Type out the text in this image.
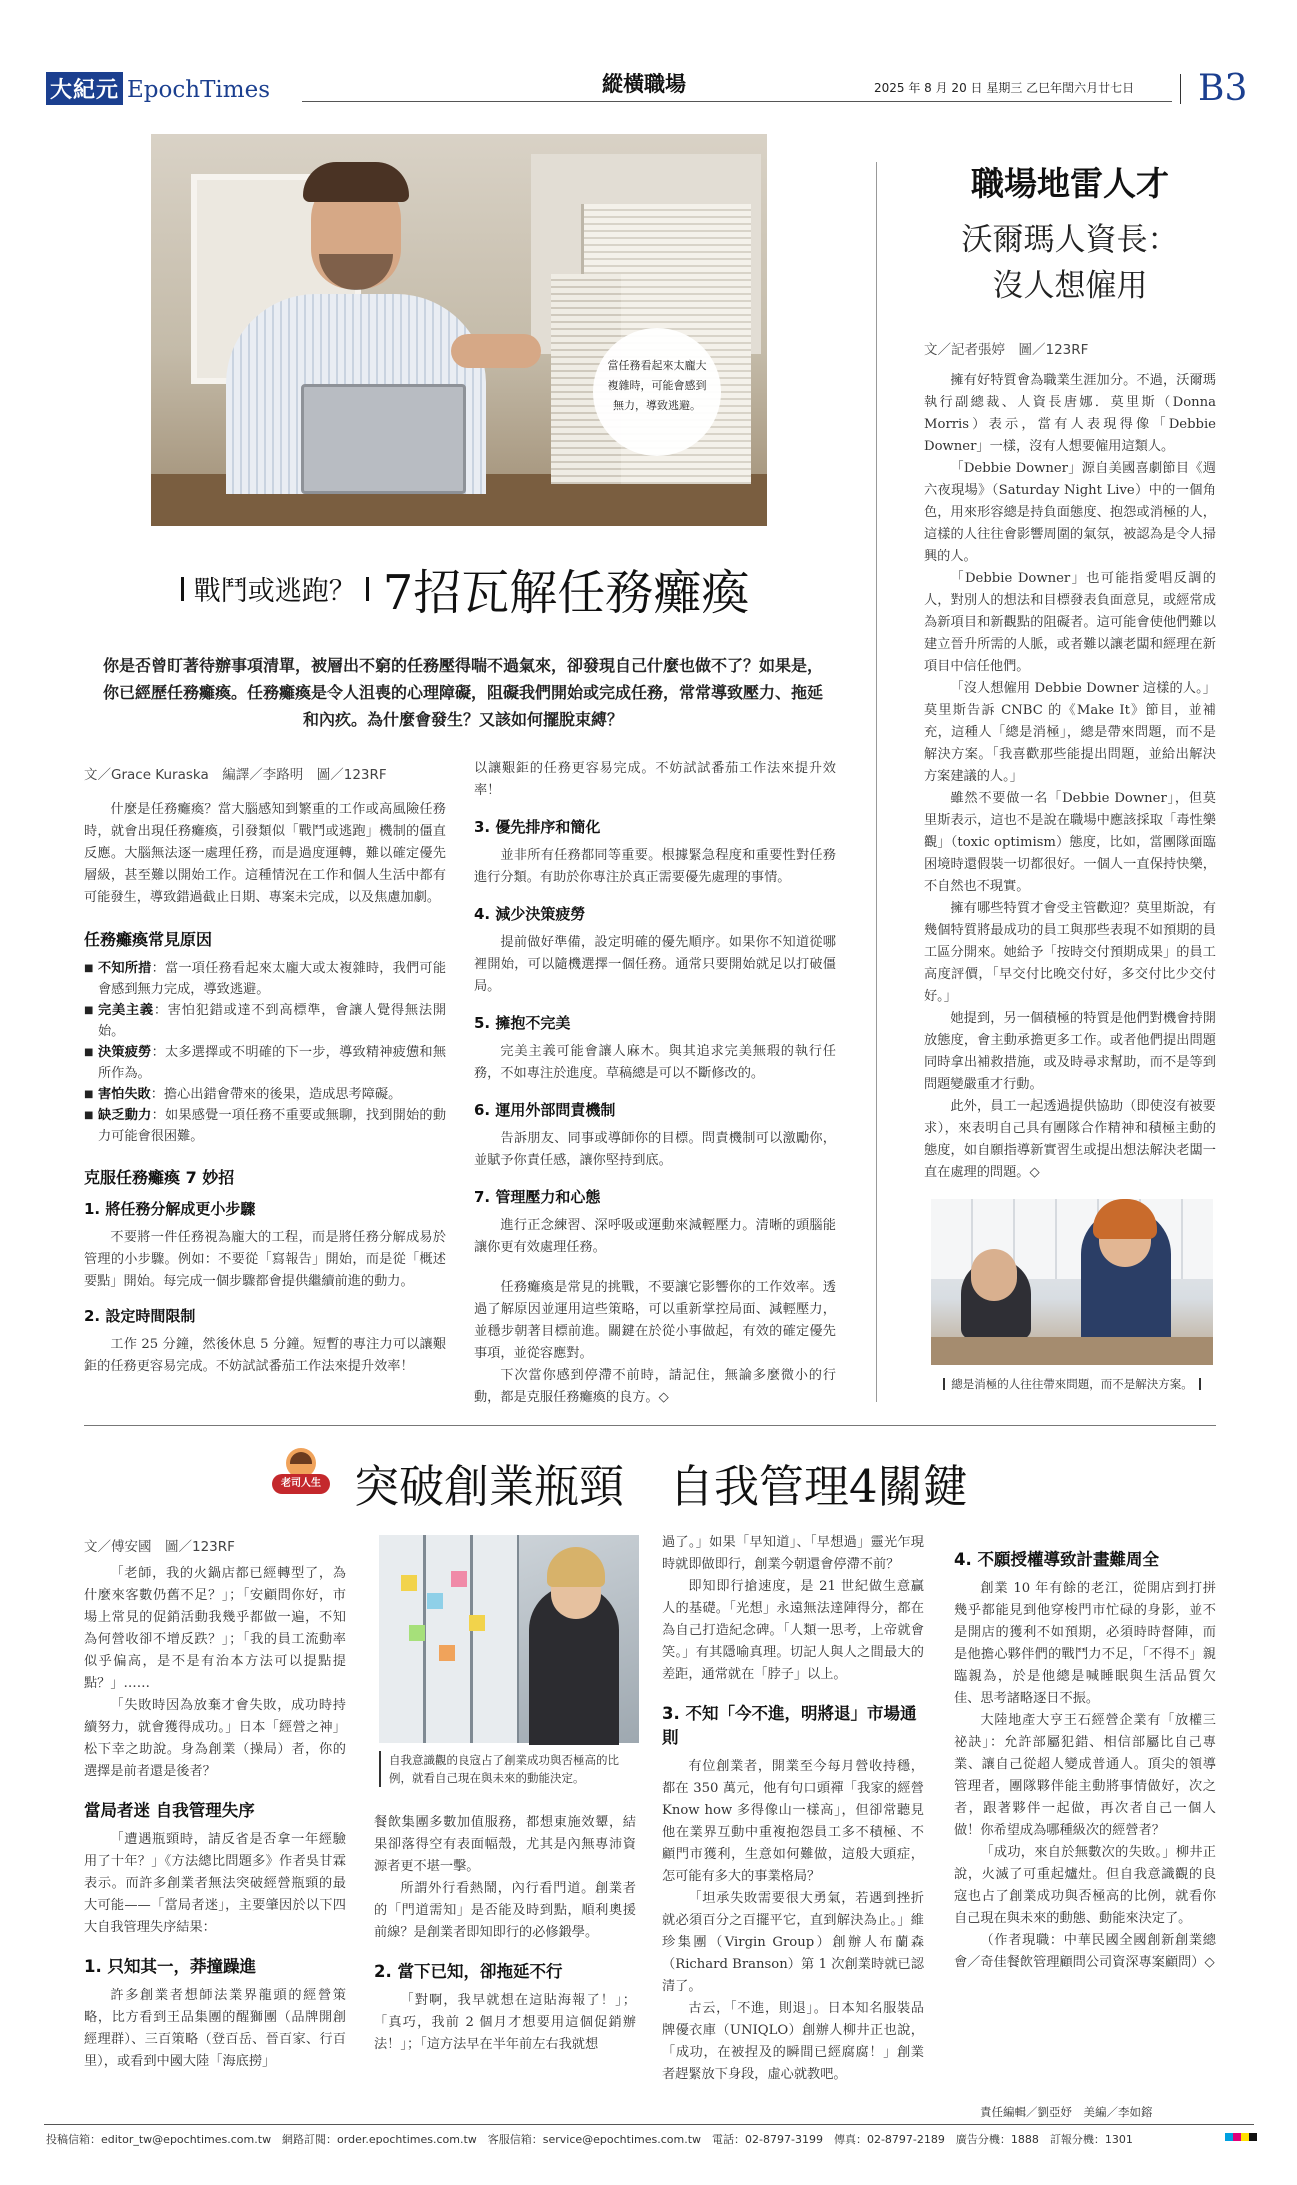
大紀元 EpochTimes	縱橫職場	2025 年 8 月 20 日 星期三 乙巳年閏六月廿七日 B3
當任務看起來太龐大複雜時，可能會感到無力，導致逃避。
戰鬥或逃跑？ 7招瓦解任務癱瘓
你是否曾盯著待辦事項清單，被層出不窮的任務壓得喘不過氣來，卻發現自己什麼也做不了？如果是，你已經歷任務癱瘓。任務癱瘓是令人沮喪的心理障礙，阻礙我們開始或完成任務，常常導致壓力、拖延和內疚。為什麼會發生？又該如何擺脫束縛？
文／Grace Kuraska　編譯／李路明　圖／123RF

什麼是任務癱瘓？當大腦感知到繁重的工作或高風險任務時，就會出現任務癱瘓，引發類似「戰鬥或逃跑」機制的僵直反應。大腦無法逐一處理任務，而是過度運轉，難以確定優先層級，甚至難以開始工作。這種情況在工作和個人生活中都有可能發生，導致錯過截止日期、專案未完成，以及焦慮加劇。

任務癱瘓常見原因
■ 不知所措：當一項任務看起來太龐大或太複雜時，我們可能會感到無力完成，導致逃避。
■ 完美主義：害怕犯錯或達不到高標準，會讓人覺得無法開始。
■ 決策疲勞：太多選擇或不明確的下一步，導致精神疲憊和無所作為。
■ 害怕失敗：擔心出錯會帶來的後果，造成思考障礙。
■ 缺乏動力：如果感覺一項任務不重要或無聊，找到開始的動力可能會很困難。
克服任務癱瘓 7 妙招
1. 將任務分解成更小步驟

不要將一件任務視為龐大的工程，而是將任務分解成易於管理的小步驟。例如：不要從「寫報告」開始，而是從「概述要點」開始。每完成一個步驟都會提供繼續前進的動力。

2. 設定時間限制

工作 25 分鐘，然後休息 5 分鐘。短暫的專注力可以讓艱鉅的任務更容易完成。不妨試試番茄工作法來提升效率！

以讓艱鉅的任務更容易完成。不妨試試番茄工作法來提升效率！

3. 優先排序和簡化

並非所有任務都同等重要。根據緊急程度和重要性對任務進行分類。有助於你專注於真正需要優先處理的事情。

4. 減少決策疲勞

提前做好準備，設定明確的優先順序。如果你不知道從哪裡開始，可以隨機選擇一個任務。通常只要開始就足以打破僵局。

5. 擁抱不完美

完美主義可能會讓人麻木。與其追求完美無瑕的執行任務，不如專注於進度。草稿總是可以不斷修改的。

6. 運用外部問責機制

告訴朋友、同事或導師你的目標。問責機制可以激勵你，並賦予你責任感，讓你堅持到底。

7. 管理壓力和心態

進行正念練習、深呼吸或運動來減輕壓力。清晰的頭腦能讓你更有效處理任務。

任務癱瘓是常見的挑戰，不要讓它影響你的工作效率。透過了解原因並運用這些策略，可以重新掌控局面、減輕壓力，並穩步朝著目標前進。關鍵在於從小事做起，有效的確定優先事項，並從容應對。

下次當你感到停滯不前時，請記住，無論多麼微小的行動，都是克服任務癱瘓的良方。◇

職場地雷人才
沃爾瑪人資長：
沒人想僱用
文／記者張婷　圖／123RF

擁有好特質會為職業生涯加分。不過，沃爾瑪執行副總裁、人資長唐娜．莫里斯（Donna Morris）表示，當有人表現得像「Debbie Downer」一樣，沒有人想要僱用這類人。

「Debbie Downer」源自美國喜劇節目《週六夜現場》（Saturday Night Live）中的一個角色，用來形容總是持負面態度、抱怨或消極的人，這樣的人往往會影響周圍的氣氛，被認為是令人掃興的人。

「Debbie Downer」也可能指愛唱反調的人，對別人的想法和目標發表負面意見，或經常成為新項目和新觀點的阻礙者。這可能會使他們難以建立晉升所需的人脈，或者難以讓老闆和經理在新項目中信任他們。

「沒人想僱用 Debbie Downer 這樣的人。」莫里斯告訴 CNBC 的《Make It》節目，並補充，這種人「總是消極」，總是帶來問題，而不是解決方案。「我喜歡那些能提出問題，並給出解決方案建議的人。」

雖然不要做一名「Debbie Downer」，但莫里斯表示，這也不是說在職場中應該採取「毒性樂觀」（toxic optimism）態度，比如，當團隊面臨困境時還假裝一切都很好。一個人一直保持快樂，不自然也不現實。

擁有哪些特質才會受主管歡迎？莫里斯說，有幾個特質將最成功的員工與那些表現不如預期的員工區分開來。她給予「按時交付預期成果」的員工高度評價，「早交付比晚交付好，多交付比少交付好。」

她提到，另一個積極的特質是他們對機會持開放態度，會主動承擔更多工作。或者他們提出問題同時拿出補救措施，或及時尋求幫助，而不是等到問題變嚴重才行動。

此外，員工一起透過提供協助（即使沒有被要求），來表明自己具有團隊合作精神和積極主動的態度，如自願指導新實習生或提出想法解決老闆一直在處理的問題。◇

總是消極的人往往帶來問題，而不是解決方案。
老司人生 突破創業瓶頸　自我管理4關鍵
文／傅安國　圖／123RF

「老師，我的火鍋店都已經轉型了，為什麼來客數仍舊不足？」；「安顧問你好，市場上常見的促銷活動我幾乎都做一遍，不知為何營收卻不增反跌？」；「我的員工流動率似乎偏高，是不是有治本方法可以提點提點？」……

「失敗時因為放棄才會失敗，成功時持續努力，就會獲得成功。」日本「經營之神」松下幸之助說。身為創業（操局）者，你的選擇是前者還是後者？

當局者迷 自我管理失序

「遭遇瓶頸時，請反省是否拿一年經驗用了十年？」《方法總比問題多》作者吳甘霖表示。而許多創業者無法突破經營瓶頸的最大可能——「當局者迷」，主要肇因於以下四大自我管理失序結果：

1. 只知其一，莽撞躁進

許多創業者想師法業界龍頭的經營策略，比方看到王品集團的醒獅團（品牌開創經理群）、三百策略（登百岳、晉百家、行百里），或看到中國大陸「海底撈」

自我意識觀的良寇占了創業成功與否極高的比例，就看自己現在與未來的動能決定。

餐飲集團多數加值服務，都想東施效顰，結果卻落得空有表面幅殼，尤其是內無專沛資源者更不堪一擊。

所謂外行看熱鬧，內行看門道。創業者的「門道需知」是否能及時到點，順利奧援前線？是創業者即知即行的必修鍛學。

2. 當下已知，卻拖延不行

「對啊，我早就想在這貼海報了！」；「真巧，我前 2 個月才想要用這個促銷辦法！」；「這方法早在半年前左右我就想

過了。」如果「早知道」、「早想過」靈光乍現時就即做即行，創業今朝還會停滯不前？

即知即行搶速度，是 21 世紀做生意贏人的基礎。「光想」永遠無法達陣得分，都在為自己打造紀念碑。「人類一思考，上帝就會笑。」有其隱喻真理。切記人與人之間最大的差距，通常就在「脖子」以上。

3. 不知「今不進，明將退」市場通則

有位創業者，開業至今每月營收持穩，都在 350 萬元，他有句口頭禪「我家的經營 Know how 多得像山一樣高」，但卻常聽見他在業界互動中重複抱怨員工多不積極、不顧門市獲利，生意如何難做，這般大頭症，怎可能有多大的事業格局？

「坦承失敗需要很大勇氣，若遇到挫折就必須百分之百擺平它，直到解決為止。」維珍集團（Virgin Group）創辦人布蘭森（Richard Branson）第 1 次創業時就已認清了。

古云，「不進，則退」。日本知名服裝品牌優衣庫（UNIQLO）創辦人柳井正也說，「成功，在被捏及的瞬間已經腐腐！」創業者趕緊放下身段，虛心就教吧。

4. 不願授權導致計畫難周全

創業 10 年有餘的老江，從開店到打拼幾乎都能見到他穿梭門市忙碌的身影，並不是開店的獲利不如預期，必須時時督陣，而是他擔心夥伴們的戰鬥力不足，「不得不」親臨親為，於是他總是喊睡眠與生活品質欠佳、思考諸略逐日不振。

大陸地產大亨王石經營企業有「放權三祕訣」：允許部屬犯錯、相信部屬比自己專業、讓自己從超人變成普通人。頂尖的領導管理者，團隊夥伴能主動將事情做好，次之者，跟著夥伴一起做，再次者自己一個人做！你希望成為哪種級次的經營者？

「成功，來自於無數次的失敗。」柳井正說，火滅了可重起爐灶。但自我意識觀的良寇也占了創業成功與否極高的比例，就看你自己現在與未來的動態、動能來決定了。

（作者現職：中華民國全國創新創業總會／奇佳餐飲管理顧問公司資深專案顧問）◇

責任編輯／劉亞妤　美編／李如鎔
投稿信箱：editor_tw@epochtimes.com.tw　網路訂閱：order.epochtimes.com.tw　客服信箱：service@epochtimes.com.tw　電話：02-8797-3199　傳真：02-8797-2189　廣告分機：1888　訂報分機：1301
